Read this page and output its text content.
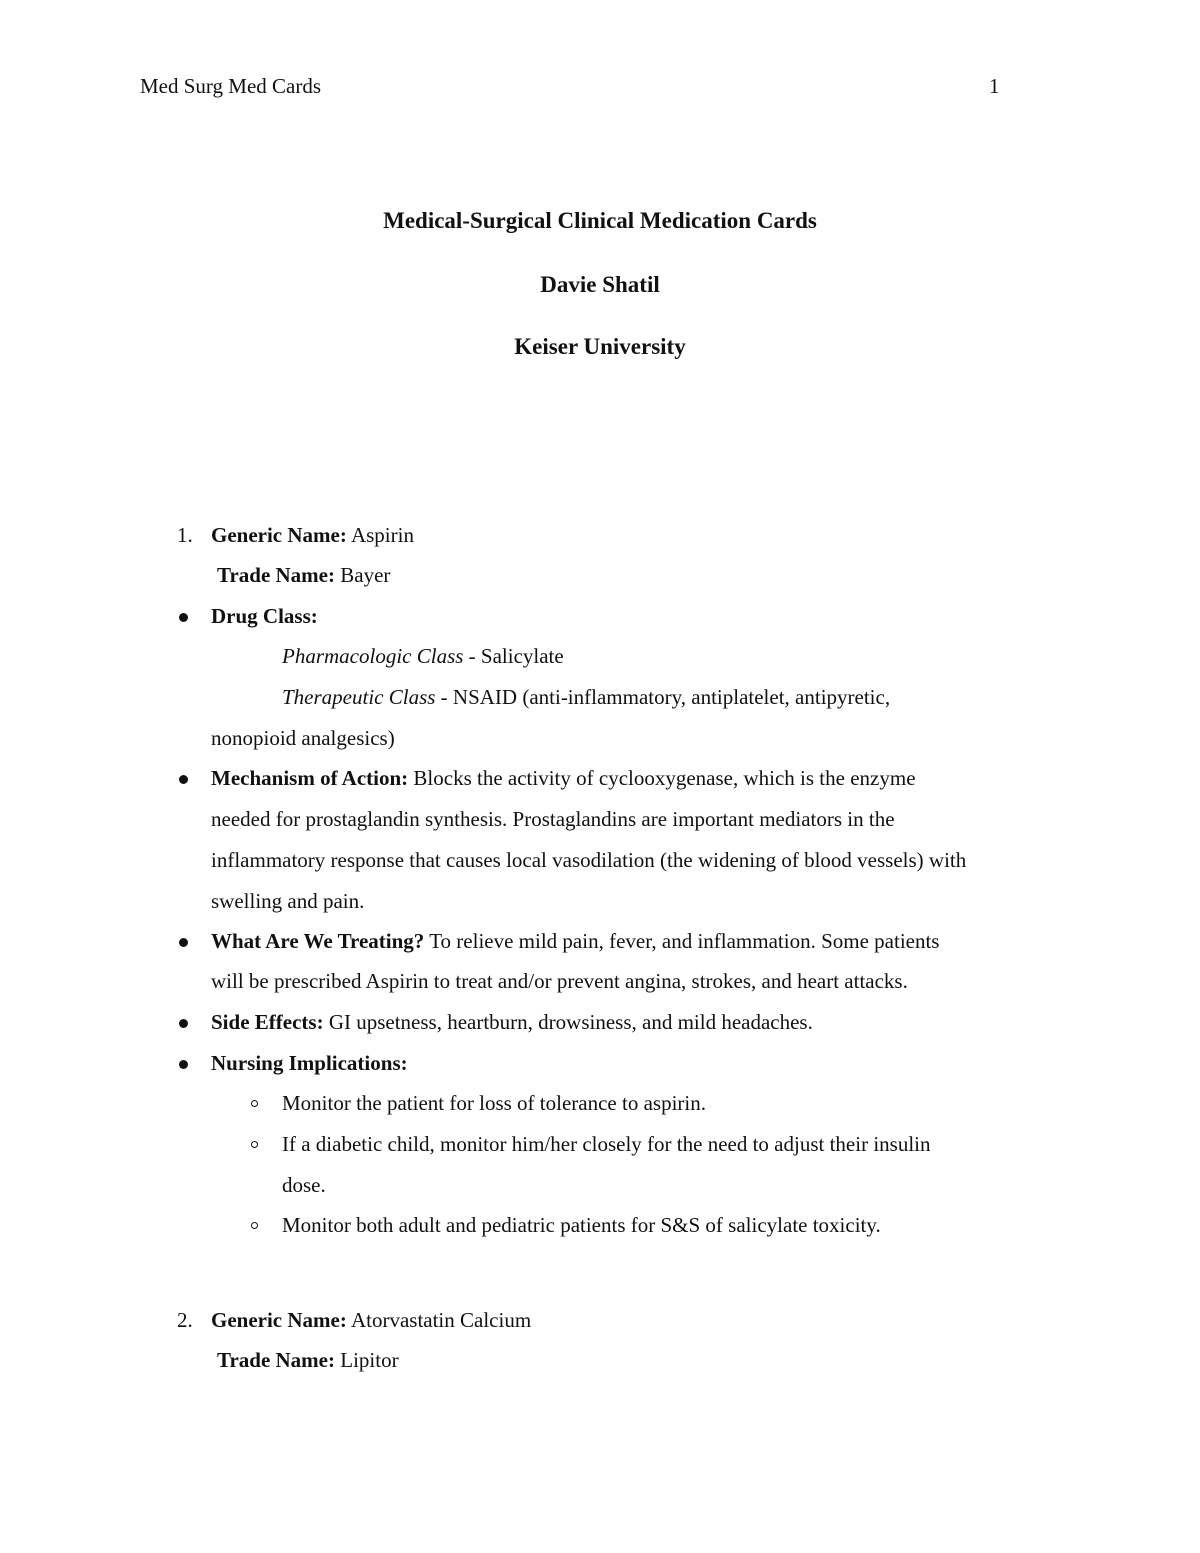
Med Surg Med Cards	1
Medical-Surgical Clinical Medication Cards
Davie Shatil
Keiser University
1. Generic Name: Aspirin
Trade Name: Bayer
Drug Class:
Pharmacologic Class - Salicylate
Therapeutic Class - NSAID (anti-inflammatory, antiplatelet, antipyretic,
nonopioid analgesics)
Mechanism of Action: Blocks the activity of cyclooxygenase, which is the enzyme
needed for prostaglandin synthesis. Prostaglandins are important mediators in the
inflammatory response that causes local vasodilation (the widening of blood vessels) with
swelling and pain.
What Are We Treating? To relieve mild pain, fever, and inflammation. Some patients
will be prescribed Aspirin to treat and/or prevent angina, strokes, and heart attacks.
Side Effects: GI upsetness, heartburn, drowsiness, and mild headaches.
Nursing Implications:
Monitor the patient for loss of tolerance to aspirin.
If a diabetic child, monitor him/her closely for the need to adjust their insulin
dose.
Monitor both adult and pediatric patients for S&S of salicylate toxicity.
2. Generic Name: Atorvastatin Calcium
Trade Name: Lipitor
